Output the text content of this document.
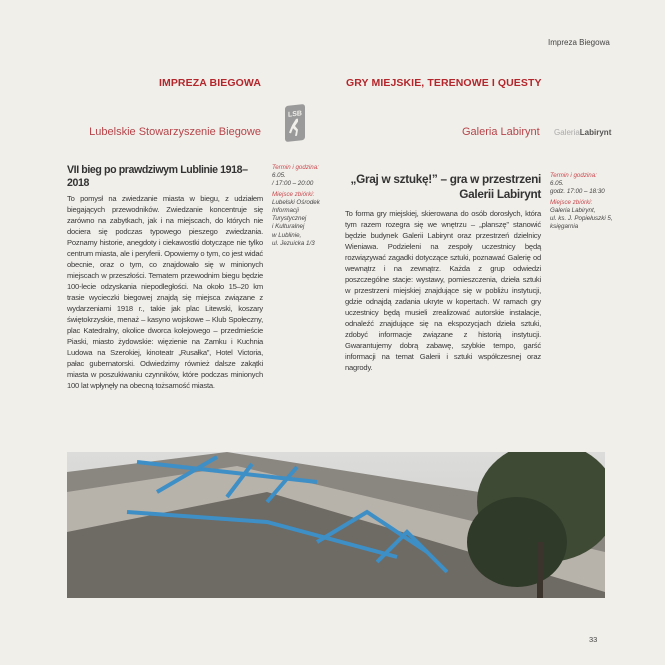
Impreza Biegowa
IMPREZA BIEGOWA	GRY MIEJSKIE, TERENOWE I QUESTY
Lubelskie Stowarzyszenie Biegowe
LSB
Galeria Labirynt GaleriaLabirynt
VII bieg po prawdziwym Lublinie 1918–2018

To pomysł na zwiedzanie miasta w biegu, z udziałem biegających przewodników. Zwiedzanie koncentruje się zarówno na zabytkach, jak i na miejscach, do których nie dociera się podczas typowego pieszego zwiedzania. Poznamy historie, anegdoty i ciekawostki dotyczące nie tylko centrum miasta, ale i peryferii. Opowiemy o tym, co jest widać obecnie, oraz o tym, co znajdowało się w minionych miejscach w przeszłości. Tematem przewodnim biegu będzie 100-lecie odzyskania niepodległości. Na około 15–20 km trasie wycieczki biegowej znajdą się miejsca związane z wydarzeniami 1918 r., takie jak plac Litewski, koszary świętokrzyskie, menaż – kasyno wojskowe – Klub Społeczny, plac Katedralny, okolice dworca kolejowego – przedmieście Piaski, miasto żydowskie: więzienie na Zamku i Kuchnia Ludowa na Szerokiej, kinoteatr „Rusałka”, Hotel Victoria, pałac gubernatorski. Odwiedzimy również dalsze zakątki miasta w poszukiwaniu czynników, które podczas minionych 100 lat wpłynęły na obecną tożsamość miasta.

Termin i godzina:
6.05.
/ 17:00 – 20:00
Miejsce zbiórki:
Lubelski Ośrodek
Informacji
Turystycznej
i Kulturalnej
w Lublinie,
ul. Jezuicka 1/3
„Graj w sztukę!” – gra w przestrzeni
Galerii Labirynt

To forma gry miejskiej, skierowana do osób dorosłych, która tym razem rozegra się we wnętrzu – „planszę” stanowić będzie budynek Galerii Labirynt oraz przestrzeń dzielnicy Wieniawa. Podzieleni na zespoły uczestnicy będą rozwiązywać zagadki dotyczące sztuki, poznawać Galerię od wewnątrz i na zewnątrz. Każda z grup odwiedzi poszczególne stacje: wystawy, pomieszczenia, dzieła sztuki w przestrzeni miejskiej znajdujące się w pobliżu instytucji, gdzie odnajdą zadania ukryte w kopertach. W ramach gry uczestnicy będą musieli zrealizować autorskie instalacje, odnaleźć znajdujące się na ekspozycjach dzieła sztuki, zdobyć informacje związane z historią instytucji. Gwarantujemy dobrą zabawę, szybkie tempo, garść informacji na temat Galerii i sztuki współczesnej oraz nagrody.

Termin i godzina:
6.05.
godz. 17:00 – 18:30
Miejsce zbiórki:
Galeria Labirynt,
ul. ks. J. Popiełuszki 5,
księgarnia
33
